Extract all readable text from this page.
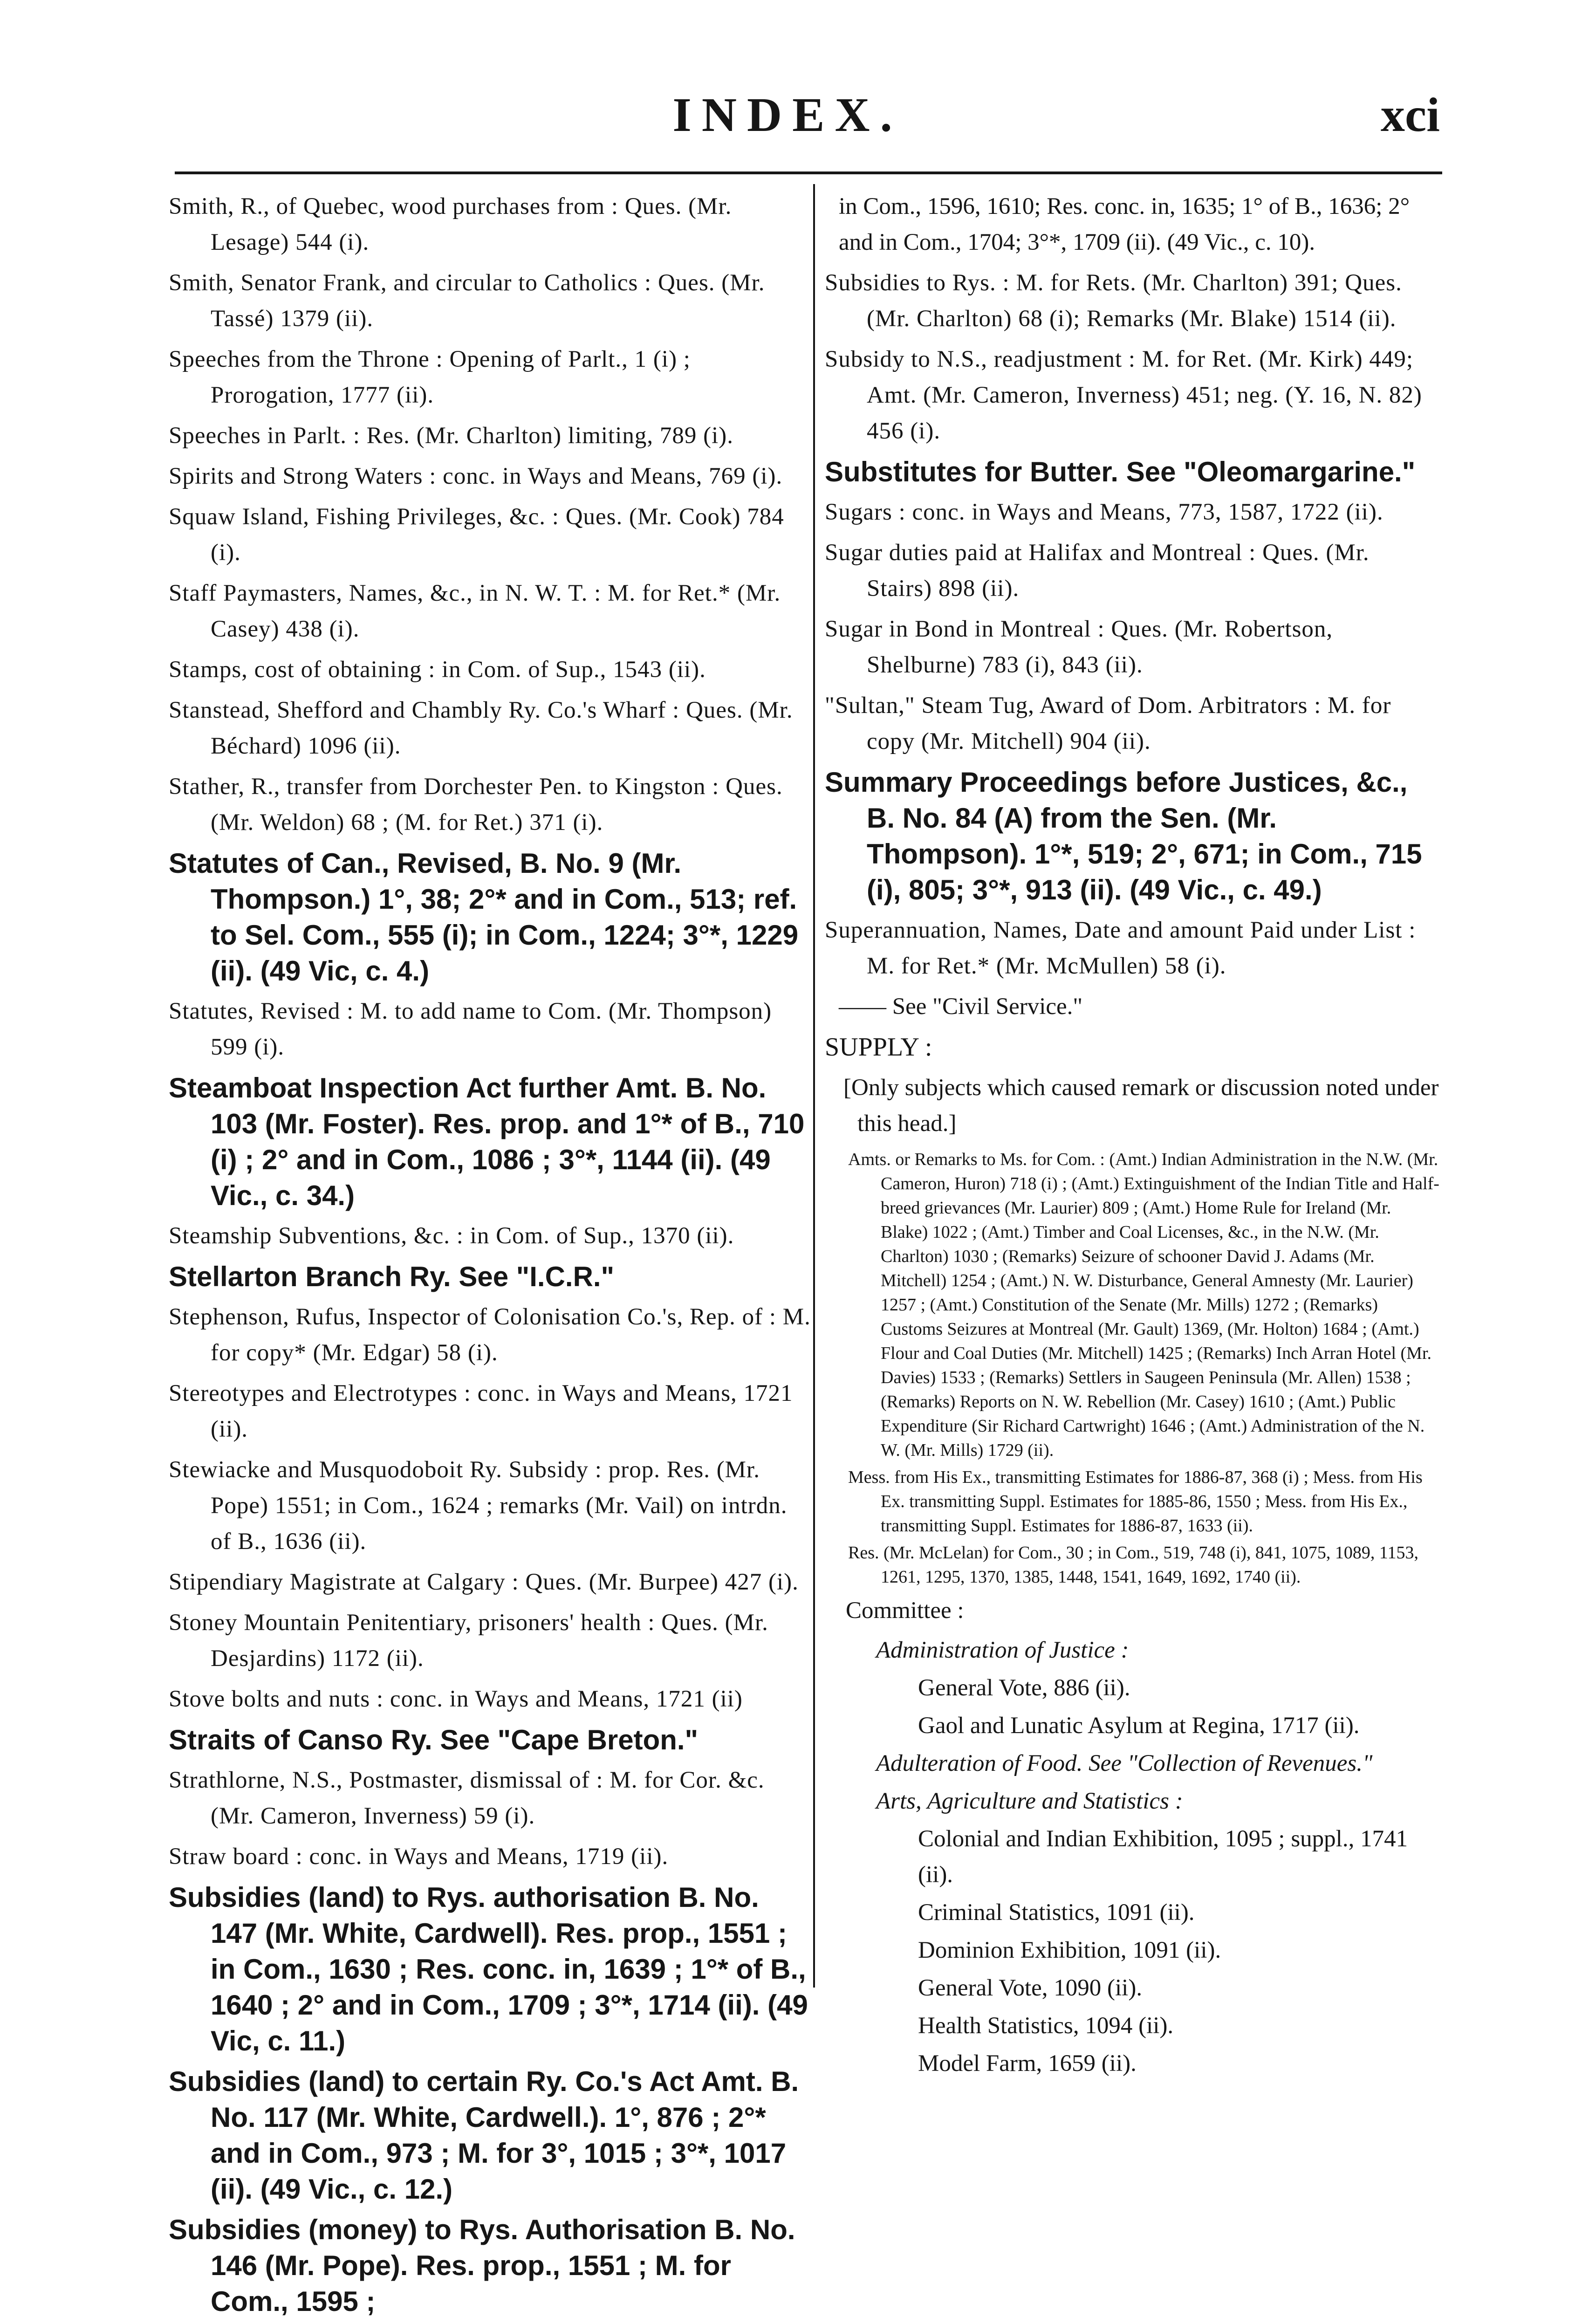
INDEX.	xci
Smith, R., of Quebec, wood purchases from : Ques. (Mr. Lesage) 544 (i).
Smith, Senator Frank, and circular to Catholics : Ques. (Mr. Tassé) 1379 (ii).
Speeches from the Throne : Opening of Parlt., 1 (i) ; Prorogation, 1777 (ii).
Speeches in Parlt. : Res. (Mr. Charlton) limiting, 789 (i).
Spirits and Strong Waters : conc. in Ways and Means, 769 (i).
Squaw Island, Fishing Privileges, &c. : Ques. (Mr. Cook) 784 (i).
Staff Paymasters, Names, &c., in N. W. T. : M. for Ret.* (Mr. Casey) 438 (i).
Stamps, cost of obtaining : in Com. of Sup., 1543 (ii).
Stanstead, Shefford and Chambly Ry. Co.'s Wharf : Ques. (Mr. Béchard) 1096 (ii).
Stather, R., transfer from Dorchester Pen. to Kingston : Ques. (Mr. Weldon) 68 ; (M. for Ret.) 371 (i).
Statutes of Can., Revised, B. No. 9 (Mr. Thompson.) 1°, 38; 2°* and in Com., 513; ref. to Sel. Com., 555 (i); in Com., 1224; 3°*, 1229 (ii). (49 Vic, c. 4.)
Statutes, Revised : M. to add name to Com. (Mr. Thompson) 599 (i).
Steamboat Inspection Act further Amt. B. No. 103 (Mr. Foster). Res. prop. and 1°* of B., 710 (i) ; 2° and in Com., 1086 ; 3°*, 1144 (ii). (49 Vic., c. 34.)
Steamship Subventions, &c. : in Com. of Sup., 1370 (ii).
Stellarton Branch Ry. See "I.C.R."
Stephenson, Rufus, Inspector of Colonisation Co.'s, Rep. of : M. for copy* (Mr. Edgar) 58 (i).
Stereotypes and Electrotypes : conc. in Ways and Means, 1721 (ii).
Stewiacke and Musquodoboit Ry. Subsidy : prop. Res. (Mr. Pope) 1551; in Com., 1624 ; remarks (Mr. Vail) on intrdn. of B., 1636 (ii).
Stipendiary Magistrate at Calgary : Ques. (Mr. Burpee) 427 (i).
Stoney Mountain Penitentiary, prisoners' health : Ques. (Mr. Desjardins) 1172 (ii).
Stove bolts and nuts : conc. in Ways and Means, 1721 (ii)
Straits of Canso Ry. See "Cape Breton."
Strathlorne, N.S., Postmaster, dismissal of : M. for Cor. &c. (Mr. Cameron, Inverness) 59 (i).
Straw board : conc. in Ways and Means, 1719 (ii).
Subsidies (land) to Rys. authorisation B. No. 147 (Mr. White, Cardwell). Res. prop., 1551 ; in Com., 1630 ; Res. conc. in, 1639 ; 1°* of B., 1640 ; 2° and in Com., 1709 ; 3°*, 1714 (ii). (49 Vic, c. 11.)
Subsidies (land) to certain Ry. Co.'s Act Amt. B. No. 117 (Mr. White, Cardwell.). 1°, 876 ; 2°* and in Com., 973 ; M. for 3°, 1015 ; 3°*, 1017 (ii). (49 Vic., c. 12.)
Subsidies (money) to Rys. Authorisation B. No. 146 (Mr. Pope). Res. prop., 1551 ; M. for Com., 1595 ;
in Com., 1596, 1610; Res. conc. in, 1635; 1° of B., 1636; 2° and in Com., 1704; 3°*, 1709 (ii). (49 Vic., c. 10).
Subsidies to Rys. : M. for Rets. (Mr. Charlton) 391; Ques. (Mr. Charlton) 68 (i); Remarks (Mr. Blake) 1514 (ii).
Subsidy to N.S., readjustment : M. for Ret. (Mr. Kirk) 449; Amt. (Mr. Cameron, Inverness) 451; neg. (Y. 16, N. 82) 456 (i).
Substitutes for Butter. See "Oleomargarine."
Sugars : conc. in Ways and Means, 773, 1587, 1722 (ii).
Sugar duties paid at Halifax and Montreal : Ques. (Mr. Stairs) 898 (ii).
Sugar in Bond in Montreal : Ques. (Mr. Robertson, Shelburne) 783 (i), 843 (ii).
"Sultan," Steam Tug, Award of Dom. Arbitrators : M. for copy (Mr. Mitchell) 904 (ii).
Summary Proceedings before Justices, &c., B. No. 84 (A) from the Sen. (Mr. Thompson). 1°*, 519; 2°, 671; in Com., 715 (i), 805; 3°*, 913 (ii). (49 Vic., c. 49.)
Superannuation, Names, Date and amount Paid under List : M. for Ret.* (Mr. McMullen) 58 (i).
—— See "Civil Service."
SUPPLY :
[Only subjects which caused remark or discussion noted under this head.]
Amts. or Remarks to Ms. for Com. : (Amt.) Indian Administration in the N.W. (Mr. Cameron, Huron) 718 (i) ; (Amt.) Extinguishment of the Indian Title and Half-breed grievances (Mr. Laurier) 809 ; (Amt.) Home Rule for Ireland (Mr. Blake) 1022 ; (Amt.) Timber and Coal Licenses, &c., in the N.W. (Mr. Charlton) 1030 ; (Remarks) Seizure of schooner David J. Adams (Mr. Mitchell) 1254 ; (Amt.) N. W. Disturbance, General Amnesty (Mr. Laurier) 1257 ; (Amt.) Constitution of the Senate (Mr. Mills) 1272 ; (Remarks) Customs Seizures at Montreal (Mr. Gault) 1369, (Mr. Holton) 1684 ; (Amt.) Flour and Coal Duties (Mr. Mitchell) 1425 ; (Remarks) Inch Arran Hotel (Mr. Davies) 1533 ; (Remarks) Settlers in Saugeen Peninsula (Mr. Allen) 1538 ; (Remarks) Reports on N. W. Rebellion (Mr. Casey) 1610 ; (Amt.) Public Expenditure (Sir Richard Cartwright) 1646 ; (Amt.) Administration of the N. W. (Mr. Mills) 1729 (ii).
Mess. from His Ex., transmitting Estimates for 1886-87, 368 (i) ; Mess. from His Ex. transmitting Suppl. Estimates for 1885-86, 1550 ; Mess. from His Ex., transmitting Suppl. Estimates for 1886-87, 1633 (ii).
Res. (Mr. McLelan) for Com., 30 ; in Com., 519, 748 (i), 841, 1075, 1089, 1153, 1261, 1295, 1370, 1385, 1448, 1541, 1649, 1692, 1740 (ii).
Committee :
Administration of Justice :
General Vote, 886 (ii).
Gaol and Lunatic Asylum at Regina, 1717 (ii).
Adulteration of Food. See "Collection of Revenues."
Arts, Agriculture and Statistics :
Colonial and Indian Exhibition, 1095 ; suppl., 1741 (ii).
Criminal Statistics, 1091 (ii).
Dominion Exhibition, 1091 (ii).
General Vote, 1090 (ii).
Health Statistics, 1094 (ii).
Model Farm, 1659 (ii).
